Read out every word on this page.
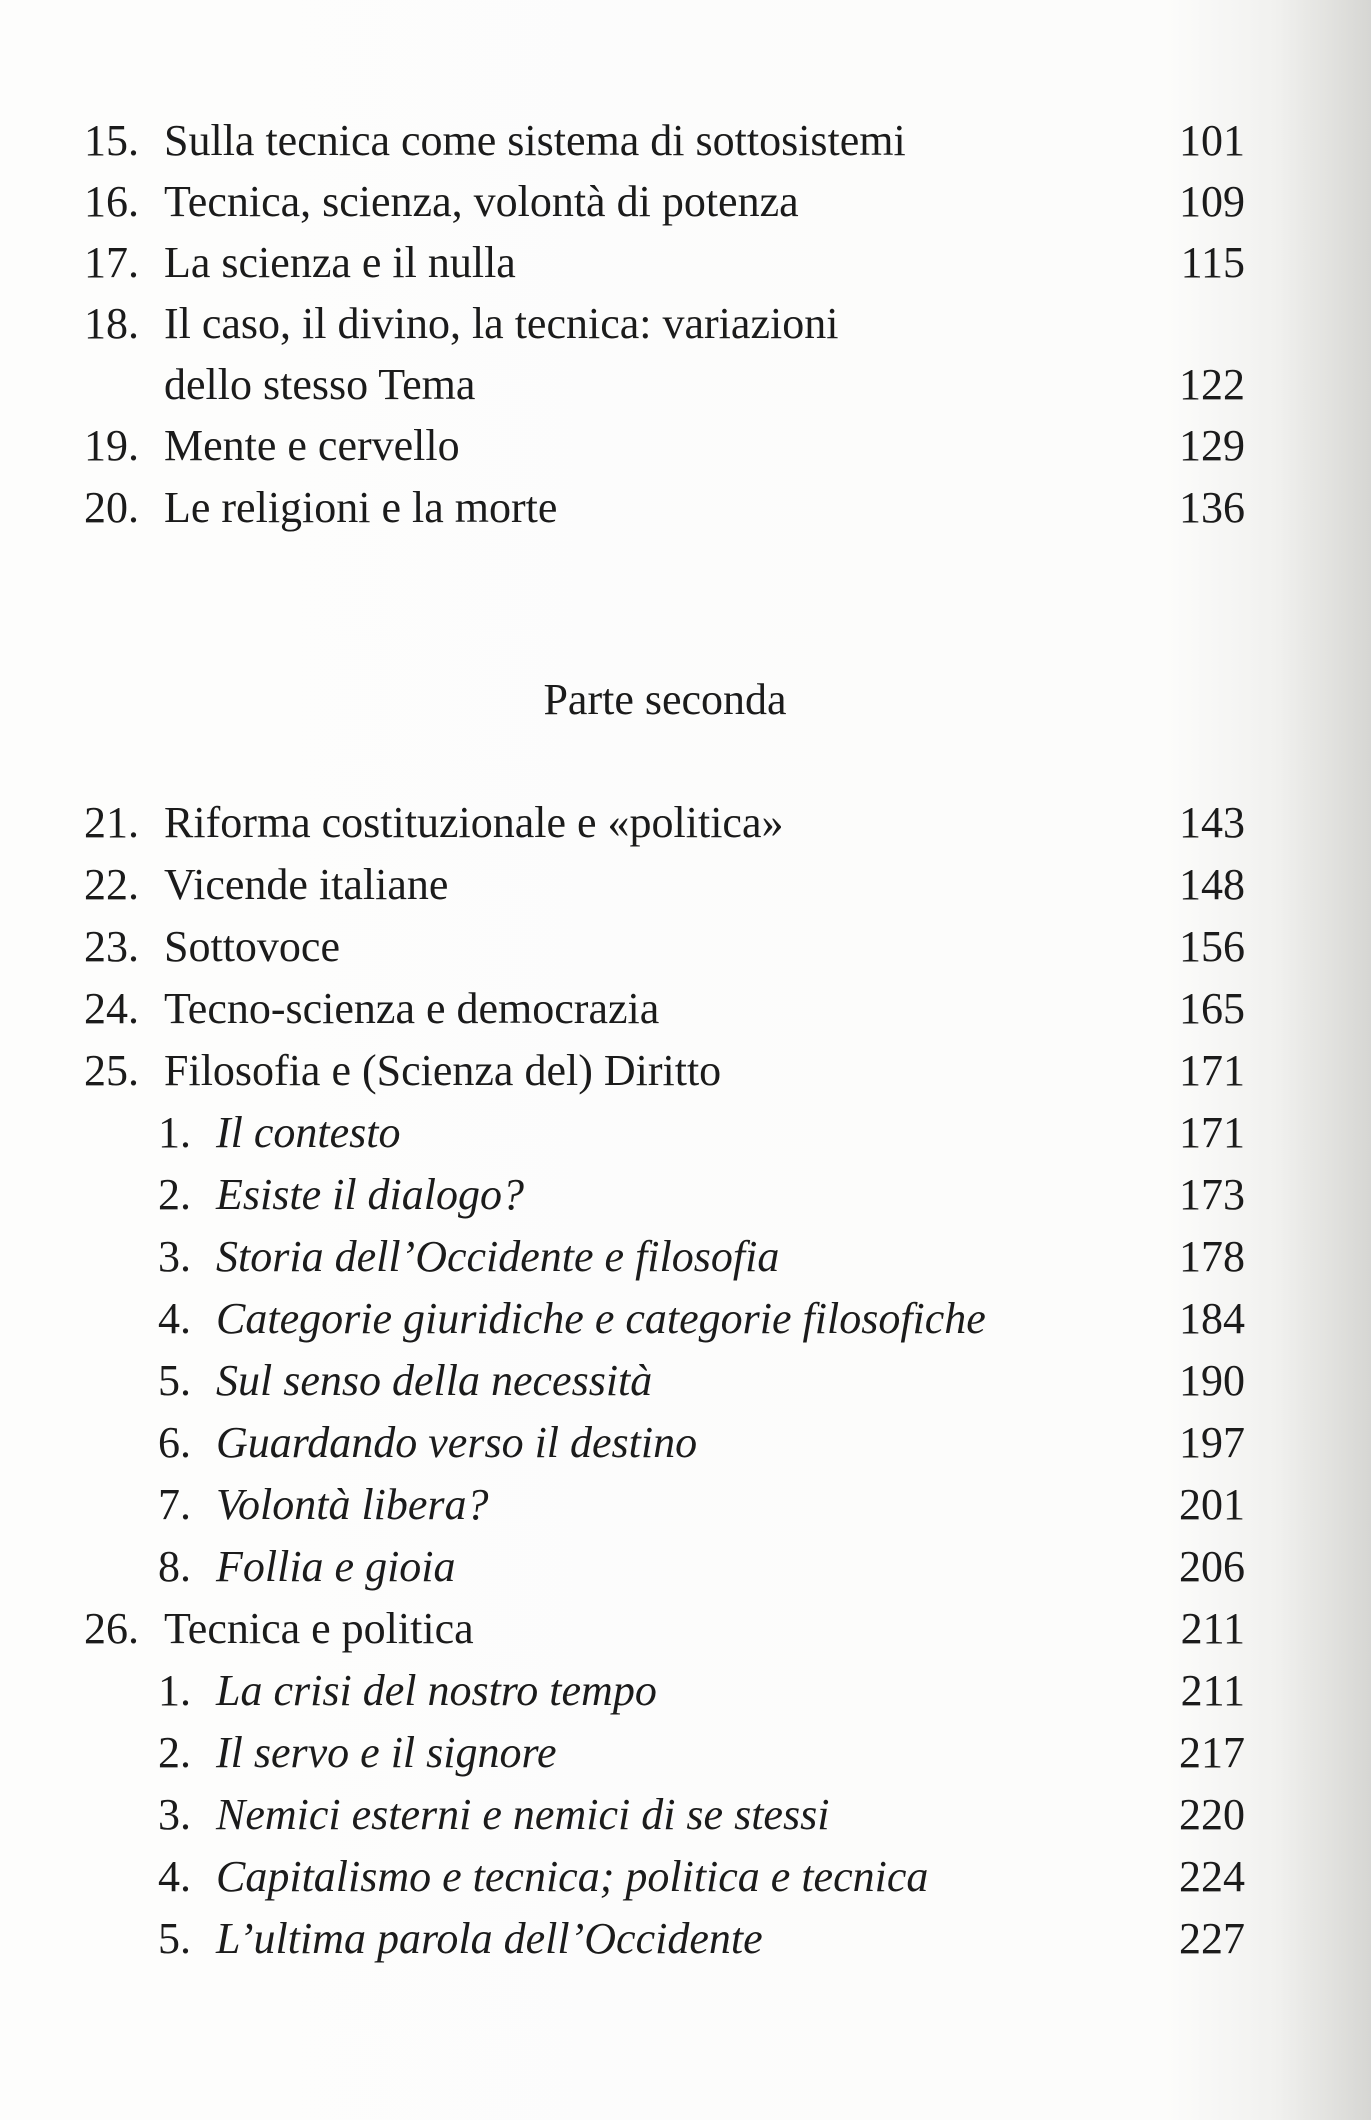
15. Sulla tecnica come sistema di sottosistemi	101
16. Tecnica, scienza, volontà di potenza	109
17. La scienza e il nulla	115
18. Il caso, il divino, la tecnica: variazioni
dello stesso Tema	122
19. Mente e cervello	129
20. Le religioni e la morte	136
Parte seconda
21. Riforma costituzionale e «politica»	143
22. Vicende italiane	148
23. Sottovoce	156
24. Tecno-scienza e democrazia	165
25. Filosofia e (Scienza del) Diritto	171
1. Il contesto	171
2. Esiste il dialogo?	173
3. Storia dell’Occidente e filosofia	178
4. Categorie giuridiche e categorie filosofiche	184
5. Sul senso della necessità	190
6. Guardando verso il destino	197
7. Volontà libera?	201
8. Follia e gioia	206
26. Tecnica e politica	211
1. La crisi del nostro tempo	211
2. Il servo e il signore	217
3. Nemici esterni e nemici di se stessi	220
4. Capitalismo e tecnica; politica e tecnica	224
5. L’ultima parola dell’Occidente	227
